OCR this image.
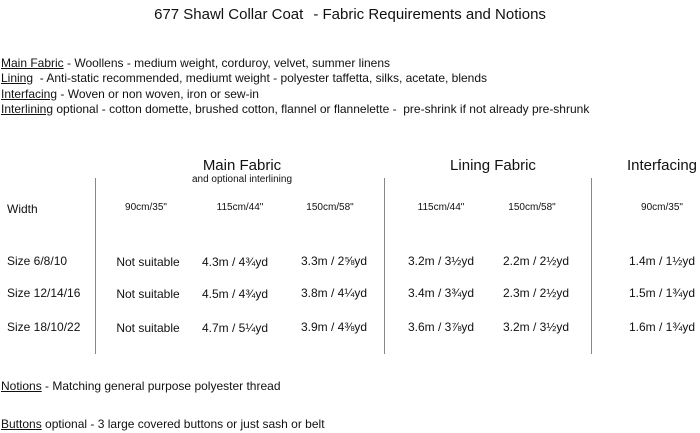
677 Shawl Collar Coat - Fabric Requirements and Notions
Main Fabric - Woollens - medium weight, corduroy, velvet, summer linens
Lining  - Anti-static recommended, mediumt weight - polyester taffetta, silks, acetate, blends
Interfacing - Woven or non woven, iron or sew-in
Interlining optional - cotton domette, brushed cotton, flannel or flannelette -  pre-shrink if not already pre-shrunk
Main Fabric
and optional interlining
Lining Fabric	Interfacing
Width	90cm/35"	115cm/44"	150cm/58"	115cm/44"	150cm/58"	90cm/35"
Size 6/8/10	Not suitable	4.3m / 4¾yd	3.3m / 2⅝yd	3.2m / 3½yd	2.2m / 2½yd	1.4m / 1½yd
Size 12/14/16	Not suitable	4.5m / 4¾yd	3.8m / 4¼yd	3.4m / 3¾yd	2.3m / 2½yd	1.5m / 1¾yd
Size 18/10/22	Not suitable	4.7m / 5¼yd	3.9m / 4⅜yd	3.6m / 3⅞yd	3.2m / 3½yd	1.6m / 1¾yd
Notions - Matching general purpose polyester thread
Buttons optional - 3 large covered buttons or just sash or belt
